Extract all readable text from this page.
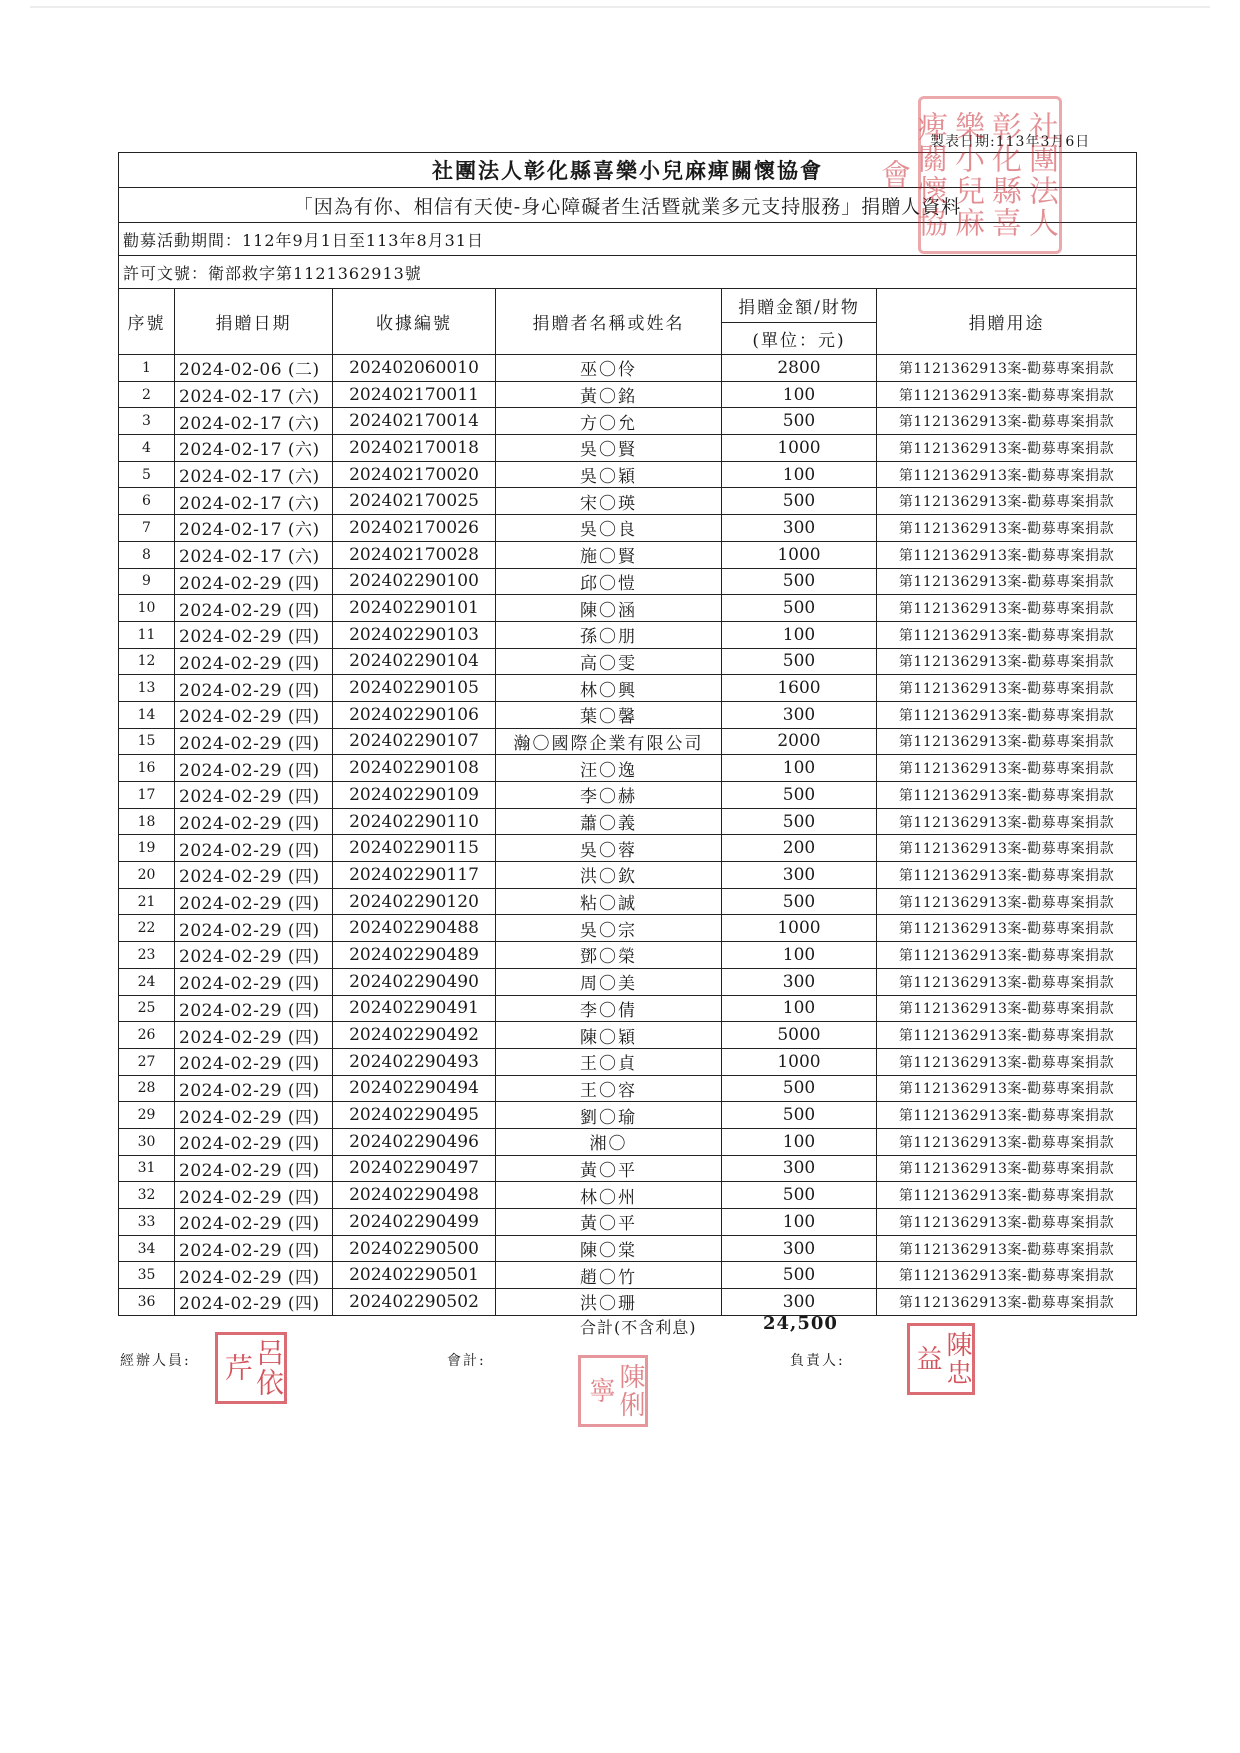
製表日期:113年3月6日
社團法人彰化縣喜樂小兒麻痺關懷協會
社團法人彰化縣喜樂小兒麻痺關懷協會					
「因為有你、相信有天使-身心障礙者生活暨就業多元支持服務」捐贈人資料					
勸募活動期間：112年9月1日至113年8月31日					
許可文號：衛部救字第1121362913號					
序號	捐贈日期	收據編號	捐贈者名稱或姓名	捐贈金額/財物	捐贈用途
				(單位：元)	
1	2024-02-06 (二)	202402060010	巫〇伶	2800	第1121362913案-勸募專案捐款
2	2024-02-17 (六)	202402170011	黃〇銘	100	第1121362913案-勸募專案捐款
3	2024-02-17 (六)	202402170014	方〇允	500	第1121362913案-勸募專案捐款
4	2024-02-17 (六)	202402170018	吳〇賢	1000	第1121362913案-勸募專案捐款
5	2024-02-17 (六)	202402170020	吳〇穎	100	第1121362913案-勸募專案捐款
6	2024-02-17 (六)	202402170025	宋〇瑛	500	第1121362913案-勸募專案捐款
7	2024-02-17 (六)	202402170026	吳〇良	300	第1121362913案-勸募專案捐款
8	2024-02-17 (六)	202402170028	施〇賢	1000	第1121362913案-勸募專案捐款
9	2024-02-29 (四)	202402290100	邱〇愷	500	第1121362913案-勸募專案捐款
10	2024-02-29 (四)	202402290101	陳〇涵	500	第1121362913案-勸募專案捐款
11	2024-02-29 (四)	202402290103	孫〇朋	100	第1121362913案-勸募專案捐款
12	2024-02-29 (四)	202402290104	高〇雯	500	第1121362913案-勸募專案捐款
13	2024-02-29 (四)	202402290105	林〇興	1600	第1121362913案-勸募專案捐款
14	2024-02-29 (四)	202402290106	葉〇馨	300	第1121362913案-勸募專案捐款
15	2024-02-29 (四)	202402290107	瀚〇國際企業有限公司	2000	第1121362913案-勸募專案捐款
16	2024-02-29 (四)	202402290108	汪〇逸	100	第1121362913案-勸募專案捐款
17	2024-02-29 (四)	202402290109	李〇赫	500	第1121362913案-勸募專案捐款
18	2024-02-29 (四)	202402290110	蕭〇義	500	第1121362913案-勸募專案捐款
19	2024-02-29 (四)	202402290115	吳〇蓉	200	第1121362913案-勸募專案捐款
20	2024-02-29 (四)	202402290117	洪〇欽	300	第1121362913案-勸募專案捐款
21	2024-02-29 (四)	202402290120	粘〇誠	500	第1121362913案-勸募專案捐款
22	2024-02-29 (四)	202402290488	吳〇宗	1000	第1121362913案-勸募專案捐款
23	2024-02-29 (四)	202402290489	鄧〇榮	100	第1121362913案-勸募專案捐款
24	2024-02-29 (四)	202402290490	周〇美	300	第1121362913案-勸募專案捐款
25	2024-02-29 (四)	202402290491	李〇倩	100	第1121362913案-勸募專案捐款
26	2024-02-29 (四)	202402290492	陳〇穎	5000	第1121362913案-勸募專案捐款
27	2024-02-29 (四)	202402290493	王〇貞	1000	第1121362913案-勸募專案捐款
28	2024-02-29 (四)	202402290494	王〇容	500	第1121362913案-勸募專案捐款
29	2024-02-29 (四)	202402290495	劉〇瑜	500	第1121362913案-勸募專案捐款
30	2024-02-29 (四)	202402290496	湘〇	100	第1121362913案-勸募專案捐款
31	2024-02-29 (四)	202402290497	黃〇平	300	第1121362913案-勸募專案捐款
32	2024-02-29 (四)	202402290498	林〇州	500	第1121362913案-勸募專案捐款
33	2024-02-29 (四)	202402290499	黃〇平	100	第1121362913案-勸募專案捐款
34	2024-02-29 (四)	202402290500	陳〇棠	300	第1121362913案-勸募專案捐款
35	2024-02-29 (四)	202402290501	趙〇竹	500	第1121362913案-勸募專案捐款
36	2024-02-29 (四)	202402290502	洪〇珊	300	第1121362913案-勸募專案捐款
合計(不含利息)	24,500
經辦人員:	會計:	負責人:
呂依芹	陳俐寧
陳忠益
